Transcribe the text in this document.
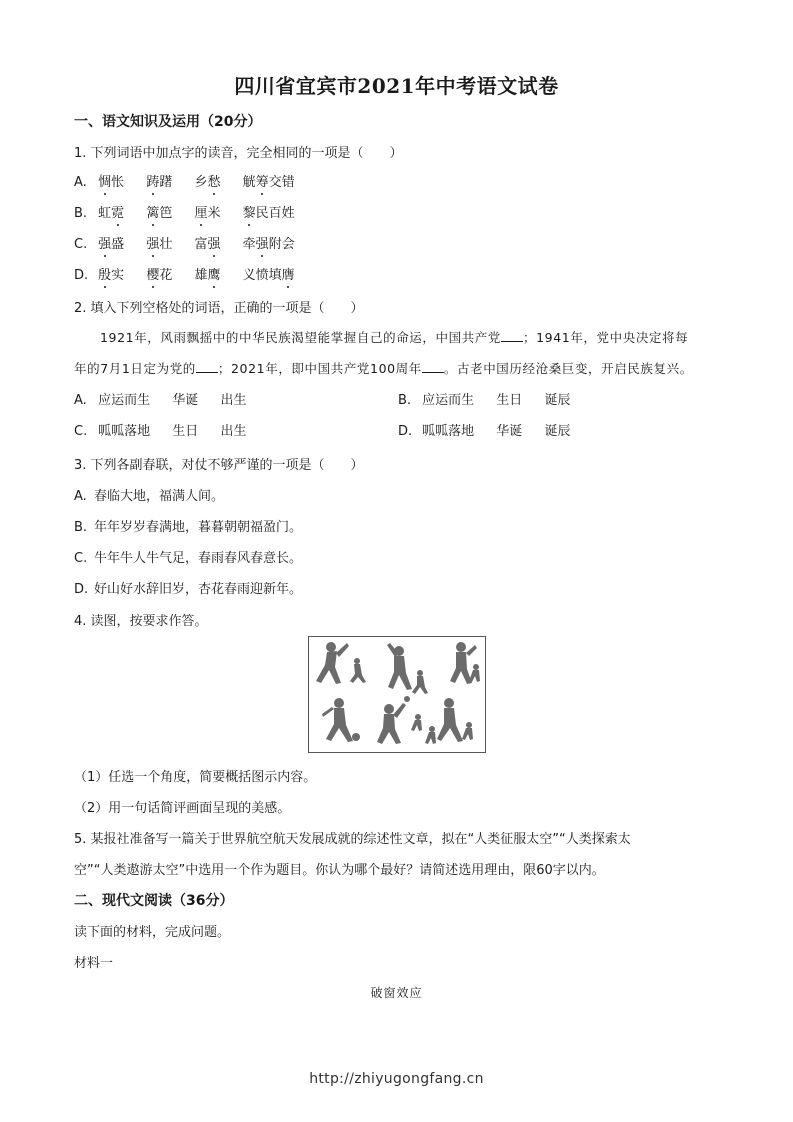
四川省宜宾市2021年中考语文试卷
一、语文知识及运用（20分）
1. 下列词语中加点字的读音，完全相同的一项是（　　）
A. 惆怅 踌躇 乡愁 觥筹交错
B. 虹霓 篱笆 厘米 黎民百姓
C. 强盛 强壮 富强 牵强附会
D. 殷实 樱花 雄鹰 义愤填膺
2. 填入下列空格处的词语，正确的一项是（　　）
1921年，风雨飘摇中的中华民族渴望能掌握自己的命运，中国共产党 ；1941年，党中央决定将每
年的7月1日定为党的 ；2021年，即中国共产党100周年 。古老中国历经沧桑巨变，开启民族复兴。
A. 应运而生 华诞 出生	B. 应运而生 生日 诞辰
C. 呱呱落地 生日 出生	D. 呱呱落地 华诞 诞辰
3. 下列各副春联，对仗不够严谨的一项是（　　）
A. 春临大地，福满人间。
B. 年年岁岁春满地，暮暮朝朝福盈门。
C. 牛年牛人牛气足，春雨春风春意长。
D. 好山好水辞旧岁，杏花春雨迎新年。
4. 读图，按要求作答。
（1）任选一个角度，简要概括图示内容。
（2）用一句话简评画面呈现的美感。
5. 某报社准备写一篇关于世界航空航天发展成就的综述性文章，拟在“人类征服太空”“人类探索太
空”“人类遨游太空”中选用一个作为题目。你认为哪个最好？请简述选用理由，限60字以内。
二、现代文阅读（36分）
读下面的材料，完成问题。
材料一
破窗效应
http://zhiyugongfang.cn
